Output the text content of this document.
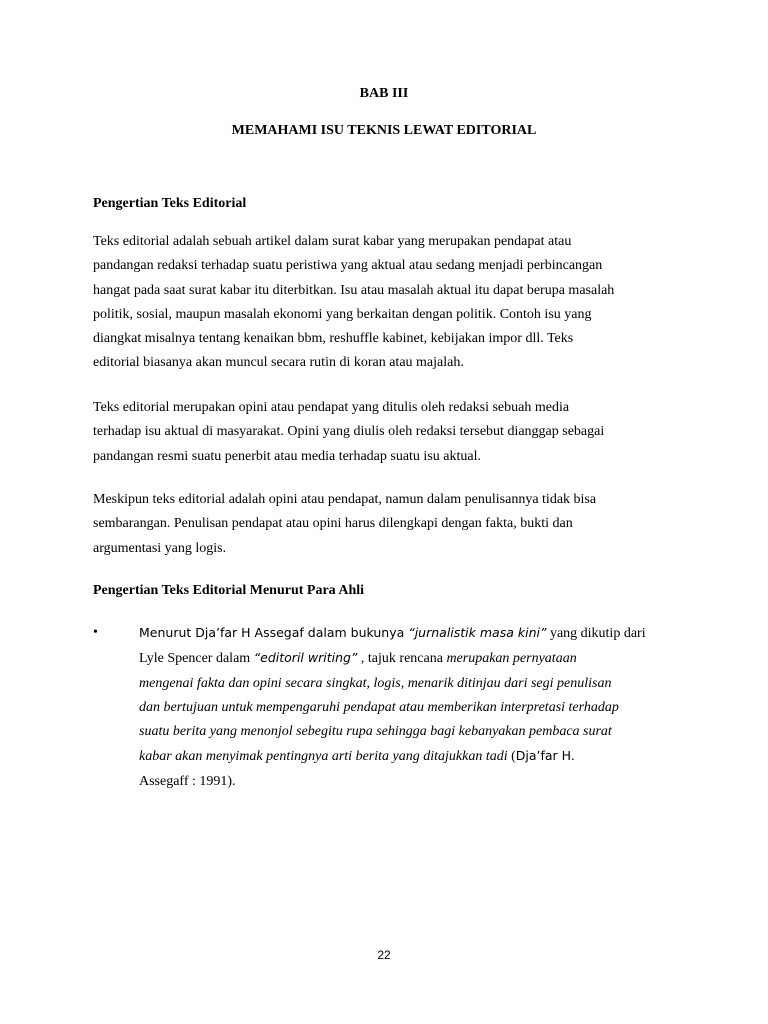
BAB III
MEMAHAMI ISU TEKNIS LEWAT EDITORIAL
Pengertian Teks Editorial
Teks editorial adalah sebuah artikel dalam surat kabar yang merupakan pendapat atau
pandangan redaksi terhadap suatu peristiwa yang aktual atau sedang menjadi perbincangan
hangat pada saat surat kabar itu diterbitkan. Isu atau masalah aktual itu dapat berupa masalah
politik, sosial, maupun masalah ekonomi yang berkaitan dengan politik. Contoh isu yang
diangkat misalnya tentang kenaikan bbm, reshuffle kabinet, kebijakan impor dll. Teks
editorial biasanya akan muncul secara rutin di koran atau majalah.
Teks editorial merupakan opini atau pendapat yang ditulis oleh redaksi sebuah media
terhadap isu aktual di masyarakat. Opini yang diulis oleh redaksi tersebut dianggap sebagai
pandangan resmi suatu penerbit atau media terhadap suatu isu aktual.
Meskipun teks editorial adalah opini atau pendapat, namun dalam penulisannya tidak bisa
sembarangan. Penulisan pendapat atau opini harus dilengkapi dengan fakta, bukti dan
argumentasi yang logis.
Pengertian Teks Editorial Menurut Para Ahli
•	Menurut Dja’far H Assegaf dalam bukunya “jurnalistik masa kini” yang dikutip dari
Lyle Spencer dalam “editoril writing” , tajuk rencana merupakan pernyataan
mengenai fakta dan opini secara singkat, logis, menarik ditinjau dari segi penulisan
dan bertujuan untuk mempengaruhi pendapat atau memberikan interpretasi terhadap
suatu berita yang menonjol sebegitu rupa sehingga bagi kebanyakan pembaca surat
kabar akan menyimak pentingnya arti berita yang ditajukkan tadi (Dja’far H.
Assegaff : 1991).
22
